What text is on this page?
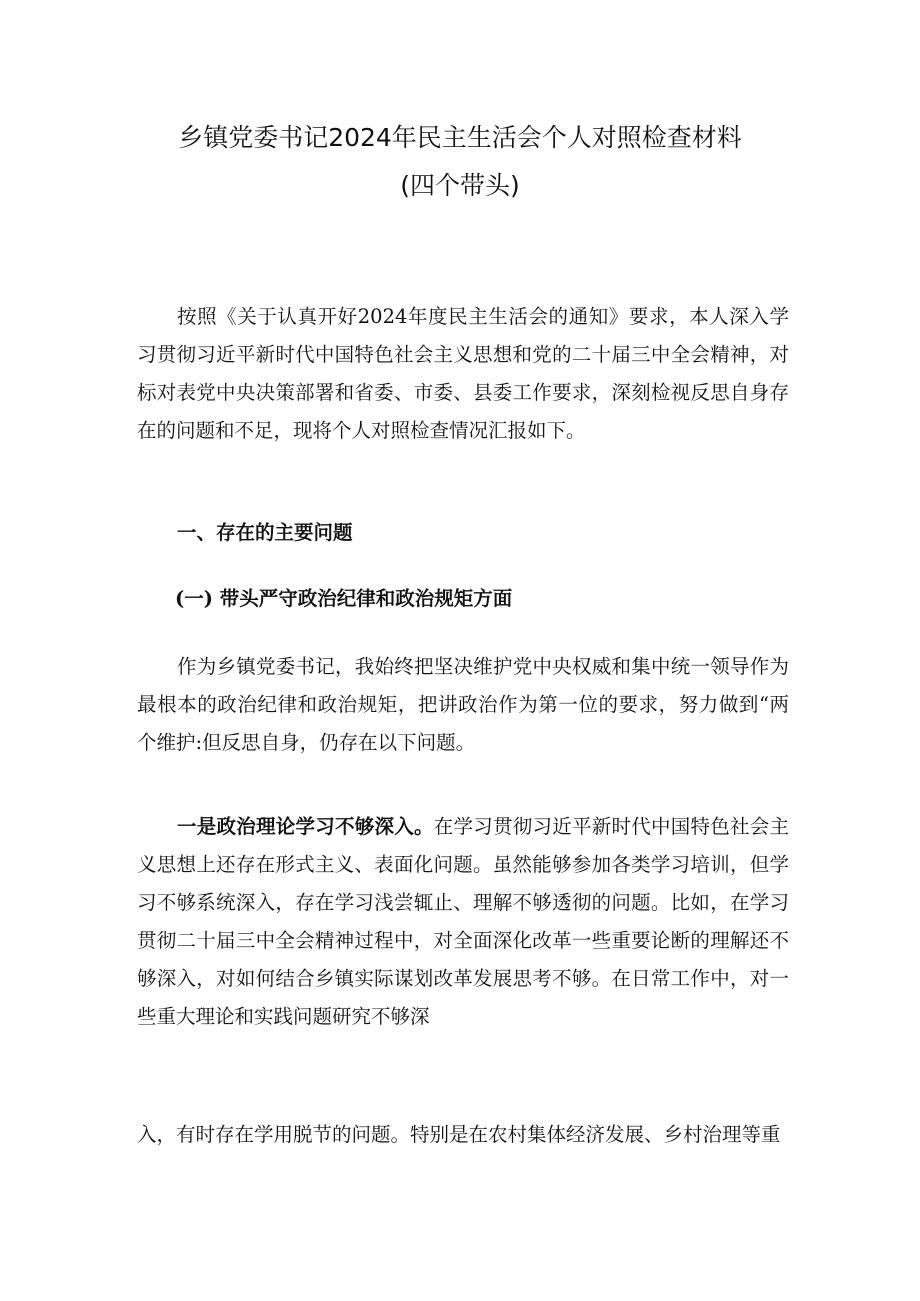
乡镇党委书记2024年民主生活会个人对照检查材料
(四个带头)
按照《关于认真开好2024年度民主生活会的通知》要求，本人深入学习贯彻习近平新时代中国特色社会主义思想和党的二十届三中全会精神，对标对表党中央决策部署和省委、市委、县委工作要求，深刻检视反思自身存在的问题和不足，现将个人对照检查情况汇报如下。
一、存在的主要问题
(一) 带头严守政治纪律和政治规矩方面
作为乡镇党委书记，我始终把坚决维护党中央权威和集中统一领导作为最根本的政治纪律和政治规矩，把讲政治作为第一位的要求，努力做到“两个维护:但反思自身，仍存在以下问题。
一是政治理论学习不够深入。在学习贯彻习近平新时代中国特色社会主义思想上还存在形式主义、表面化问题。虽然能够参加各类学习培训，但学习不够系统深入，存在学习浅尝辄止、理解不够透彻的问题。比如，在学习贯彻二十届三中全会精神过程中，对全面深化改革一些重要论断的理解还不够深入，对如何结合乡镇实际谋划改革发展思考不够。在日常工作中，对一些重大理论和实践问题研究不够深
入，有时存在学用脱节的问题。特别是在农村集体经济发展、乡村治理等重
